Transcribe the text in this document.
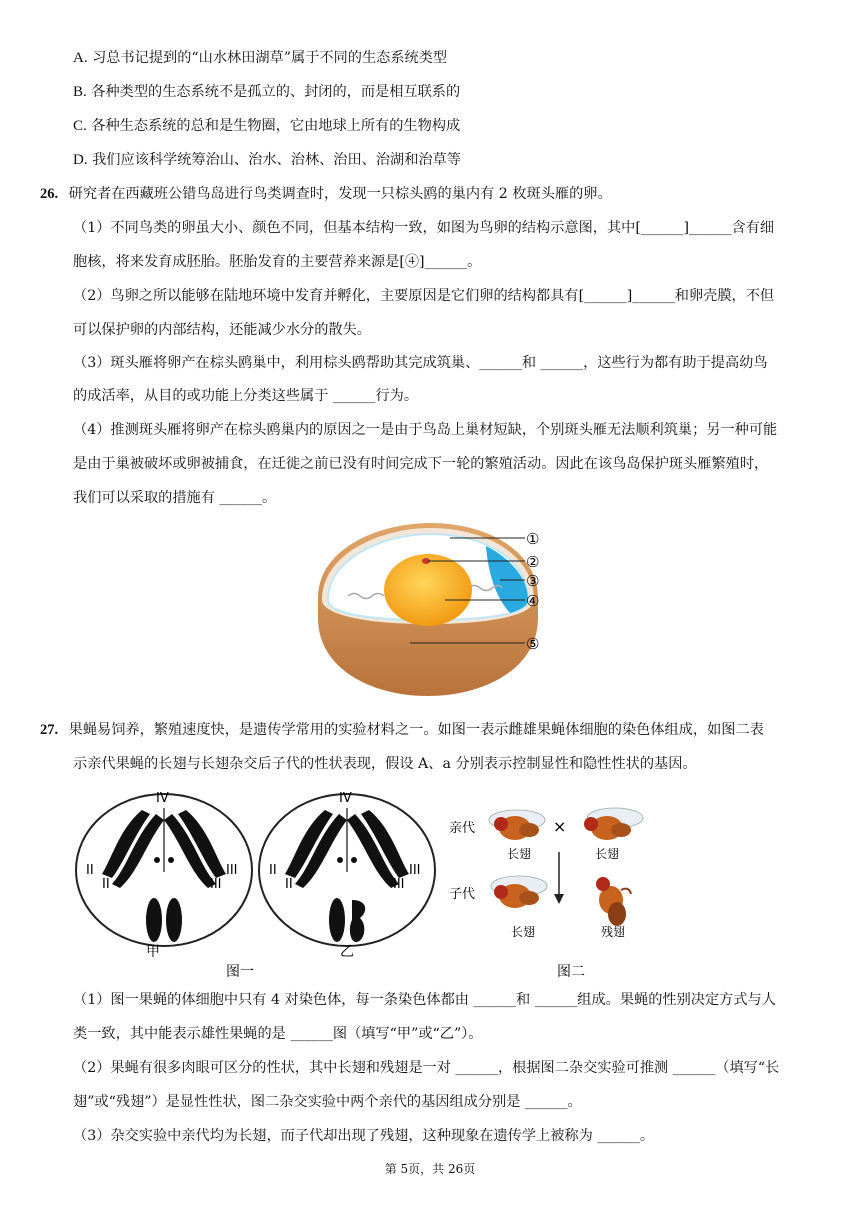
A. 习总书记提到的“山水林田湖草”属于不同的生态系统类型
B. 各种类型的生态系统不是孤立的、封闭的，而是相互联系的
C. 各种生态系统的总和是生物圈，它由地球上所有的生物构成
D. 我们应该科学统筹治山、治水、治林、治田、治湖和治草等
26. 研究者在西藏班公错鸟岛进行鸟类调查时，发现一只棕头鸥的巢内有 2 枚斑头雁的卵。
（1）不同鸟类的卵虽大小、颜色不同，但基本结构一致，如图为鸟卵的结构示意图，其中[______]______含有细
胞核，将来发育成胚胎。胚胎发育的主要营养来源是[④]______。
（2）鸟卵之所以能够在陆地环境中发育并孵化，主要原因是它们卵的结构都具有[______]______和卵壳膜，不但
可以保护卵的内部结构，还能减少水分的散失。
（3）斑头雁将卵产在棕头鸥巢中，利用棕头鸥帮助其完成筑巢、______和 ______，这些行为都有助于提高幼鸟
的成活率，从目的或功能上分类这些属于 ______行为。
（4）推测斑头雁将卵产在棕头鸥巢内的原因之一是由于鸟岛上巢材短缺，个别斑头雁无法顺利筑巢；另一种可能
是由于巢被破坏或卵被捕食，在迁徙之前已没有时间完成下一轮的繁殖活动。因此在该鸟岛保护斑头雁繁殖时，
我们可以采取的措施有 ______。
①
②
③
④
⑤
27. 果蝇易饲养，繁殖速度快，是遗传学常用的实验材料之一。如图一表示雌雄果蝇体细胞的染色体组成，如图二表
示亲代果蝇的长翅与长翅杂交后子代的性状表现，假设 A、a 分别表示控制显性和隐性性状的基因。
IV
II
II
III
III
甲
IV
II
II
III
III
乙
图一
亲代
子代
×
长翅	长翅
长翅	残翅
图二
（1）图一果蝇的体细胞中只有 4 对染色体，每一条染色体都由 ______和 ______组成。果蝇的性别决定方式与人
类一致，其中能表示雄性果蝇的是 ______图（填写“甲”或“乙”）。
（2）果蝇有很多肉眼可区分的性状，其中长翅和残翅是一对 ______，根据图二杂交实验可推测 ______（填写“长
翅”或“残翅”）是显性性状，图二杂交实验中两个亲代的基因组成分别是 ______。
（3）杂交实验中亲代均为长翅，而子代却出现了残翅，这种现象在遗传学上被称为 ______。
第 5页，共 26页
